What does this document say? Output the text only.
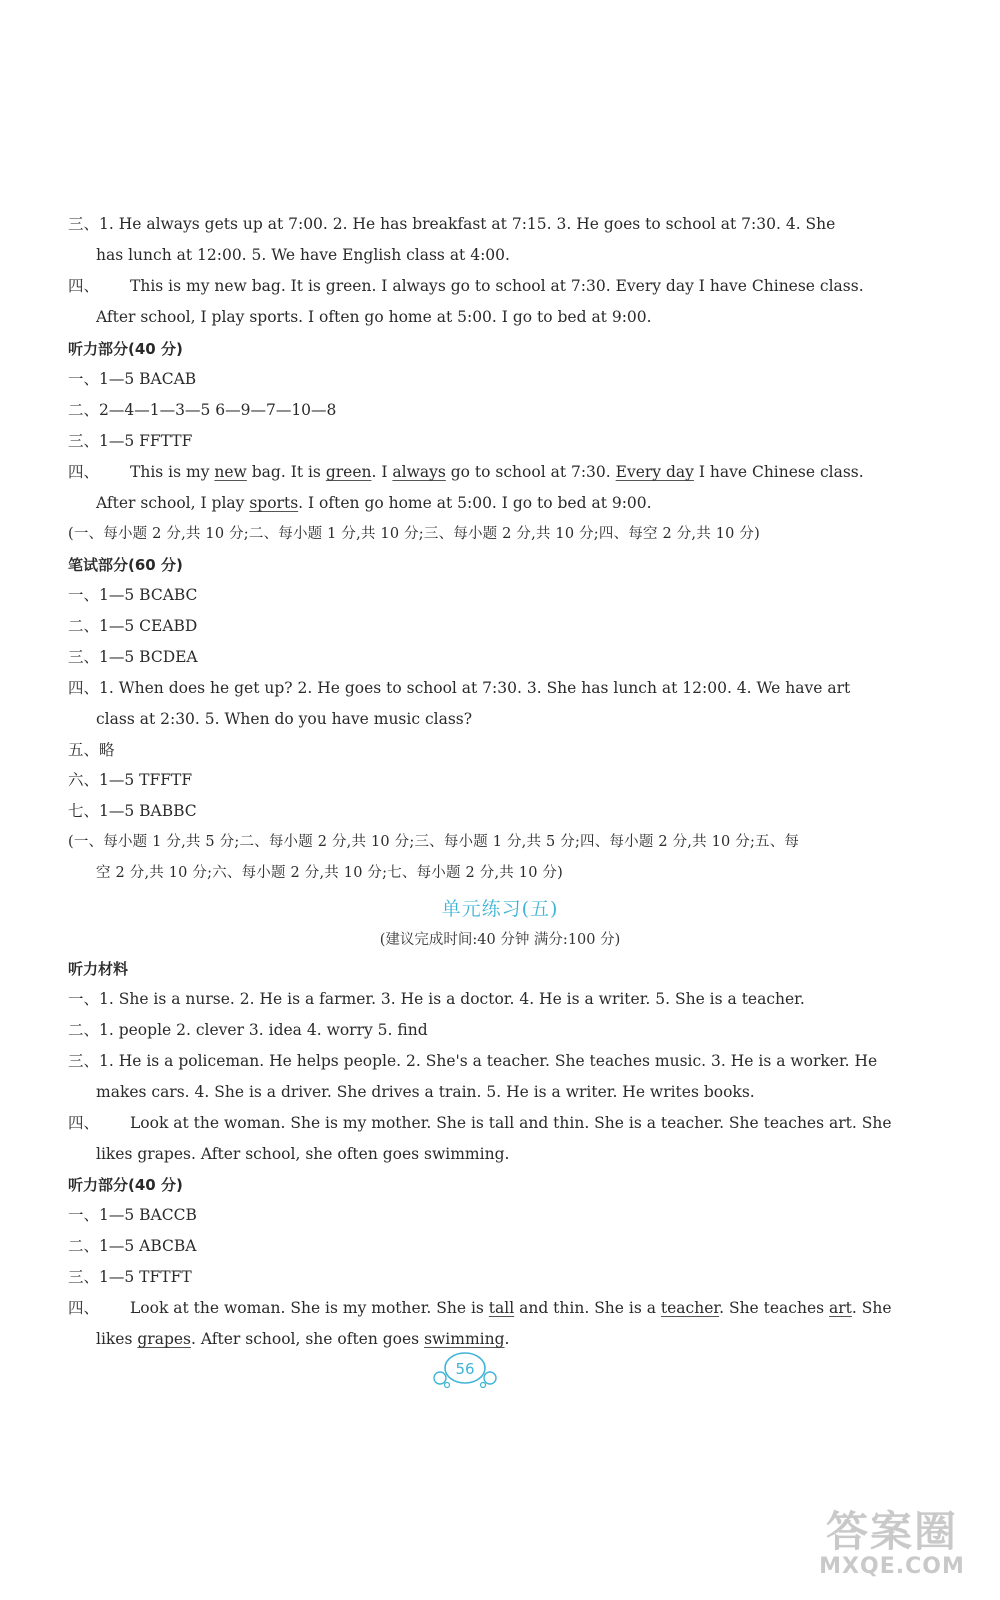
三、1. He always gets up at 7:00. 2. He has breakfast at 7:15. 3. He goes to school at 7:30. 4. She
has lunch at 12:00. 5. We have English class at 4:00.
四、	This is my new bag. It is green. I always go to school at 7:30. Every day I have Chinese class.
After school, I play sports. I often go home at 5:00. I go to bed at 9:00.
听力部分(40 分)
一、1—5 BACAB
二、2—4—1—3—5 6—9—7—10—8
三、1—5 FFTTF
四、	This is my new bag. It is green. I always go to school at 7:30. Every day I have Chinese class.
After school, I play sports. I often go home at 5:00. I go to bed at 9:00.
(一、每小题 2 分,共 10 分;二、每小题 1 分,共 10 分;三、每小题 2 分,共 10 分;四、每空 2 分,共 10 分)
笔试部分(60 分)
一、1—5 BCABC
二、1—5 CEABD
三、1—5 BCDEA
四、1. When does he get up? 2. He goes to school at 7:30. 3. She has lunch at 12:00. 4. We have art
class at 2:30. 5. When do you have music class?
五、略
六、1—5 TFFTF
七、1—5 BABBC
(一、每小题 1 分,共 5 分;二、每小题 2 分,共 10 分;三、每小题 1 分,共 5 分;四、每小题 2 分,共 10 分;五、每
空 2 分,共 10 分;六、每小题 2 分,共 10 分;七、每小题 2 分,共 10 分)
单元练习(五)
(建议完成时间:40 分钟 满分:100 分)
听力材料
一、1. She is a nurse. 2. He is a farmer. 3. He is a doctor. 4. He is a writer. 5. She is a teacher.
二、1. people 2. clever 3. idea 4. worry 5. find
三、1. He is a policeman. He helps people. 2. She's a teacher. She teaches music. 3. He is a worker. He
makes cars. 4. She is a driver. She drives a train. 5. He is a writer. He writes books.
四、	Look at the woman. She is my mother. She is tall and thin. She is a teacher. She teaches art. She
likes grapes. After school, she often goes swimming.
听力部分(40 分)
一、1—5 BACCB
二、1—5 ABCBA
三、1—5 TFTFT
四、	Look at the woman. She is my mother. She is tall and thin. She is a teacher. She teaches art. She
likes grapes. After school, she often goes swimming.
56
答案圈
MXQE.COM
